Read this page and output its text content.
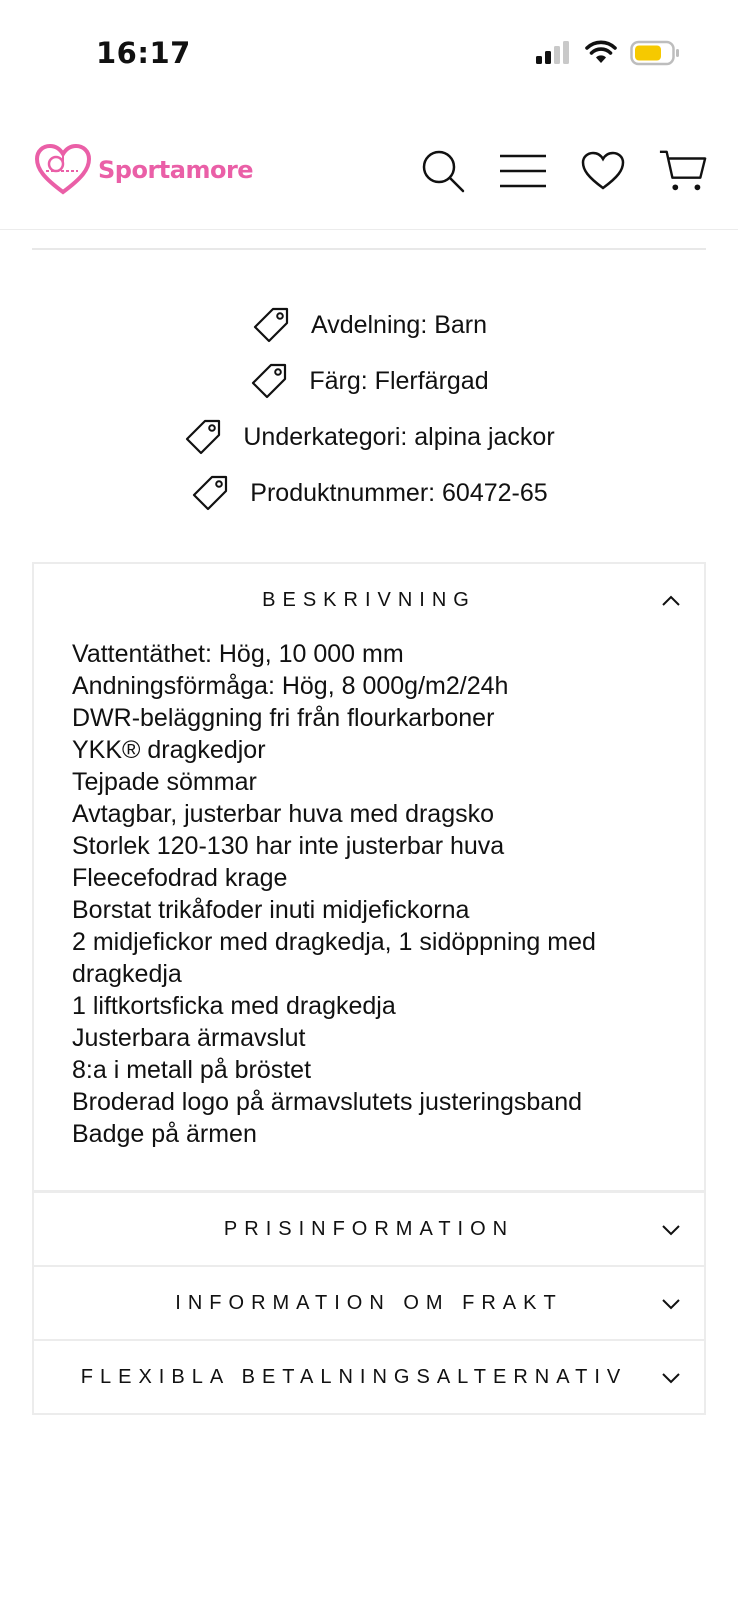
16:17
Sportamore
Avdelning: Barn
Färg: Flerfärgad
Underkategori: alpina jackor
Produktnummer: 60472-65
BESKRIVNING
Vattentäthet: Hög, 10 000 mm
Andningsförmåga: Hög, 8 000g/m2/24h
DWR-beläggning fri från flourkarboner
YKK® dragkedjor
Tejpade sömmar
Avtagbar, justerbar huva med dragsko
Storlek 120-130 har inte justerbar huva
Fleecefodrad krage
Borstat trikåfoder inuti midjefickorna
2 midjefickor med dragkedja, 1 sidöppning med dragkedja
1 liftkortsficka med dragkedja
Justerbara ärmavslut
8:a i metall på bröstet
Broderad logo på ärmavslutets justeringsband
Badge på ärmen
PRISINFORMATION
INFORMATION OM FRAKT
FLEXIBLA BETALNINGSALTERNATIV
